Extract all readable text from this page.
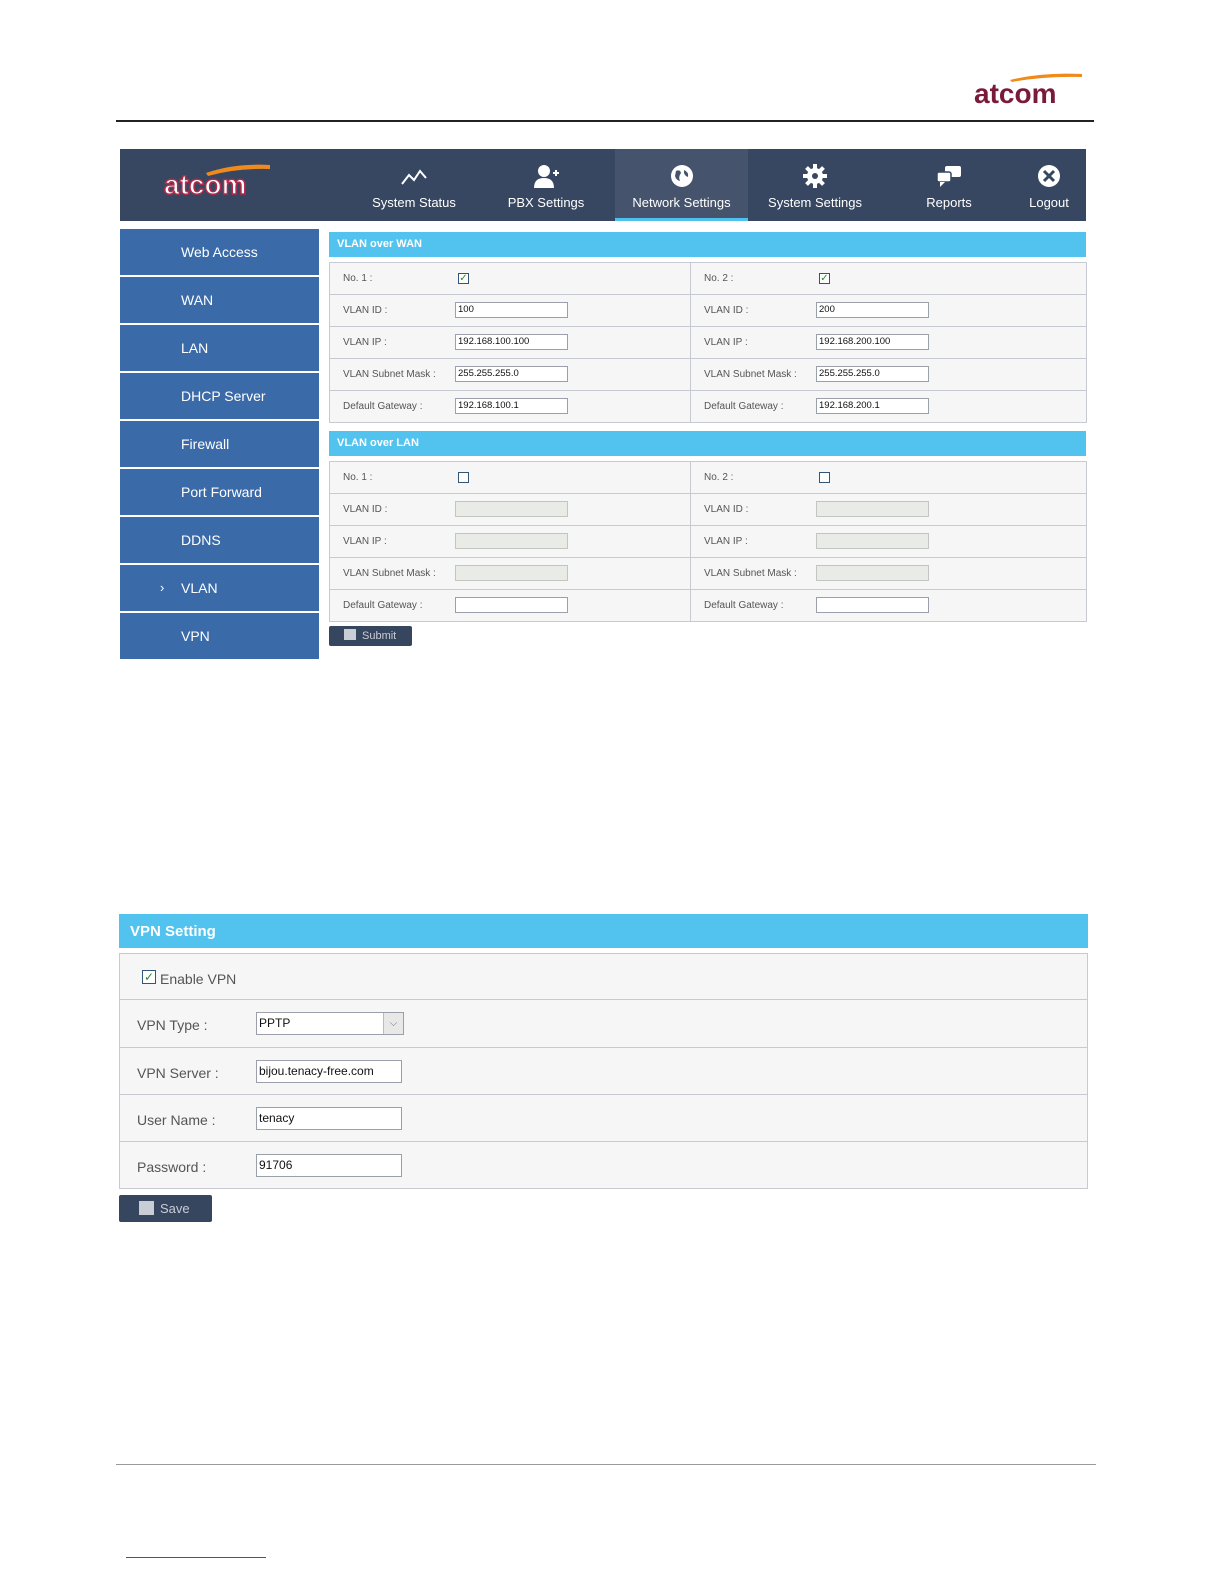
atcom
atcom
System Status	PBX Settings	Network Settings	System Settings	Reports	Logout
Web Access
WAN
LAN
DHCP Server
Firewall
Port Forward
DDNS
› VLAN
VPN
VLAN over WAN
No. 1 : ✓	No. 2 : ✓

VLAN ID : 100	VLAN ID : 200

VLAN IP : 192.168.100.100	VLAN IP : 192.168.200.100

VLAN Subnet Mask : 255.255.255.0	VLAN Subnet Mask : 255.255.255.0

Default Gateway : 192.168.100.1	Default Gateway : 192.168.200.1
VLAN over LAN
No. 1 :	No. 2 :

VLAN ID :	VLAN ID :

VLAN IP :	VLAN IP :

VLAN Subnet Mask :	VLAN Subnet Mask :

Default Gateway :	Default Gateway :
Submit
VPN Setting
✓ Enable VPN
VPN Type :	PPTP	⌵
VPN Server :	bijou.tenacy-free.com
User Name :	tenacy
Password :	91706
Save
